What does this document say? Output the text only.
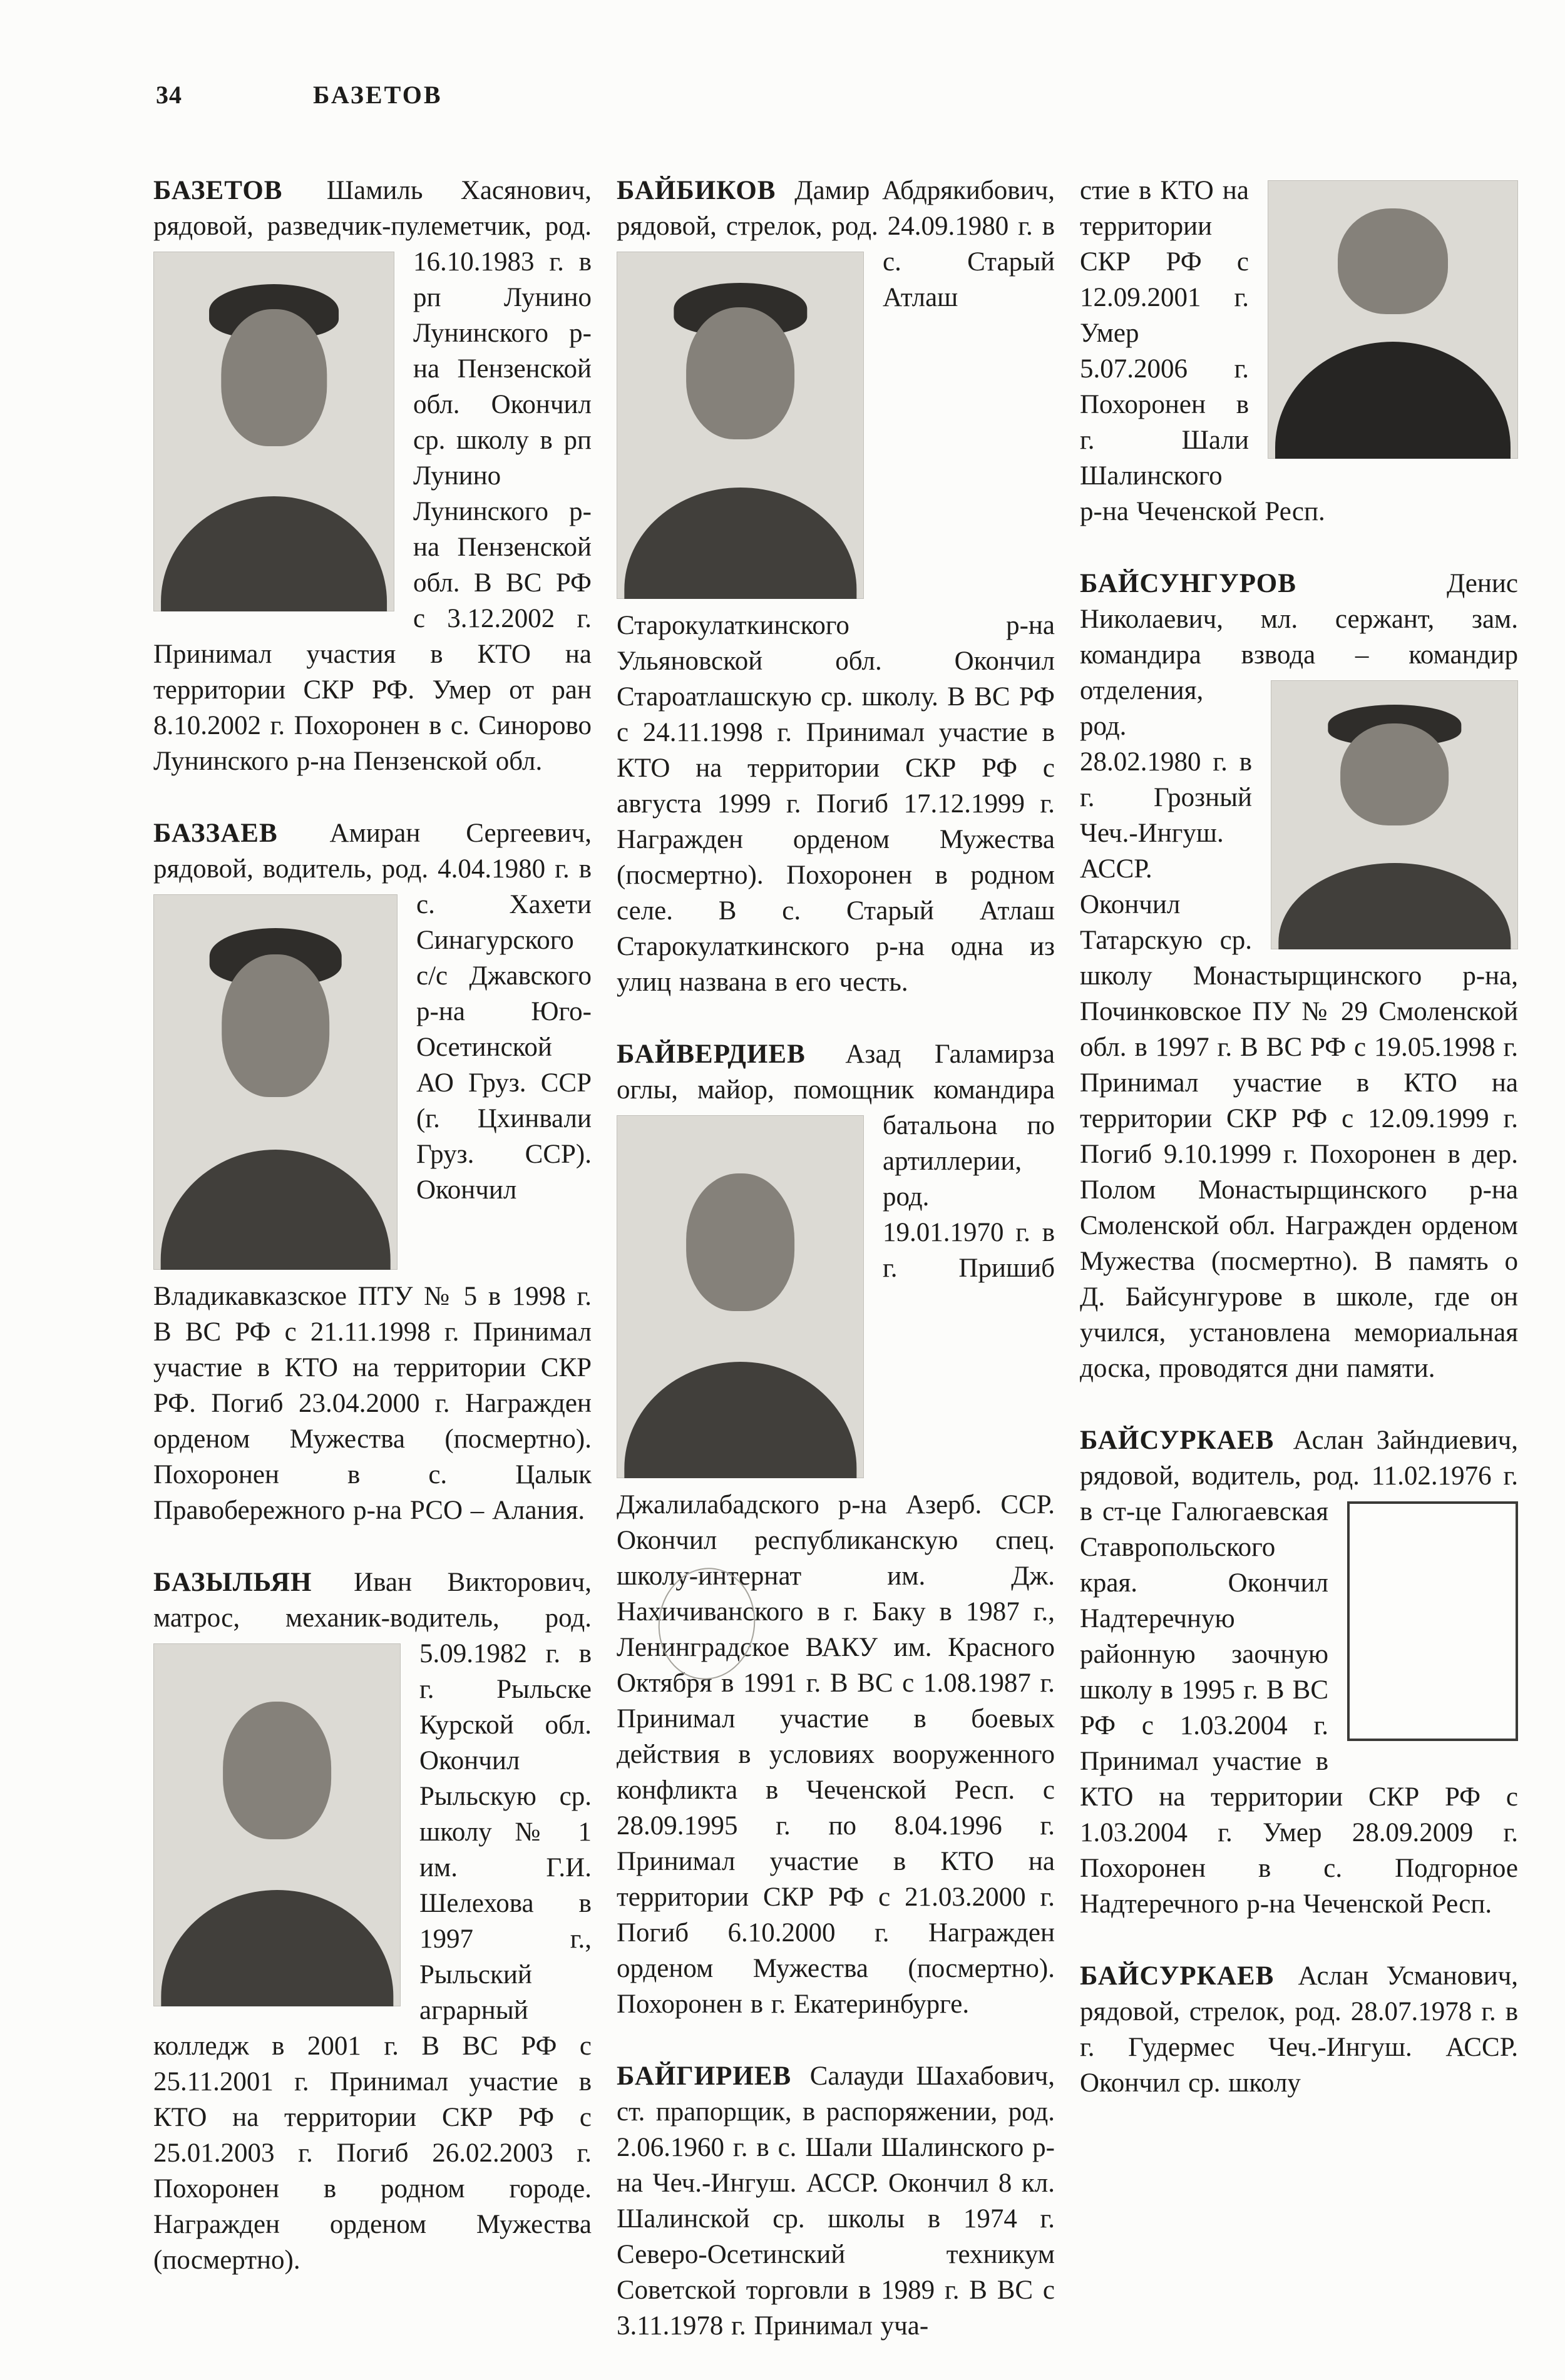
34	БАЗЕТОВ

БАЗЕТОВ Шамиль Хасянович, рядовой, разведчик-пулеметчик, род. 16.10.1983 г. в рп Лунино Лунинского р-на Пензенской обл. Окончил ср. школу в рп Лунино Лунинского р-на Пензенской обл. В ВС РФ с 3.12.2002 г. Принимал участия в КТО на территории СКР РФ. Умер от ран 8.10.2002 г. Похоронен в с. Синорово Лунинского р-на Пензенской обл.

БАЗЗАЕВ Амиран Сергеевич, рядовой, водитель, род. 4.04.1980 г. в
с. Хахети Синагурского с/с Джавского р-на Юго-Осетинской АО Груз. ССР (г. Цхинвали Груз. ССР). Окончил Владикавказское ПТУ № 5 в 1998 г. В ВС РФ с 21.11.1998 г. Принимал участие в КТО на территории СКР РФ. Погиб 23.04.2000 г. Награжден орденом Мужества (посмертно). Похоронен в с. Цалык Правобережного р-на РСО – Алания.

БАЗЫЛЬЯН Иван Викторович, матрос, механик-водитель, род. 5.09.1982 г. в г. Рыльске Курской обл. Окончил Рыльскую ср. школу № 1 им. Г.И. Шелехова в 1997 г., Рыльский аграрный колледж в 2001 г. В ВС РФ с 25.11.2001 г. Принимал участие в КТО на территории СКР РФ с 25.01.2003 г. Погиб 26.02.2003 г. Похоронен в родном городе. Награжден орденом Мужества (посмертно).

БАЙБИКОВ Дамир Абдрякибович, рядовой, стрелок, род. 24.09.1980 г. в с. Старый Атлаш Старокулаткинского р-на Ульяновской обл. Окончил Староатлашскую ср. школу. В ВС РФ с 24.11.1998 г. Принимал участие в КТО на территории СКР РФ с августа 1999 г. Погиб 17.12.1999 г. Награжден орденом Мужества (посмертно). Похоронен в родном селе. В с. Старый Атлаш Старокулаткинского р-на одна из улиц названа в его честь.

БАЙВЕРДИЕВ Азад Галамирза оглы, майор, помощник командира батальона по артиллерии, род. 19.01.1970 г. в г. Пришиб Джалилабадского р-на Азерб. ССР. Окончил республиканскую спец. школу-интернат им. Дж. Нахичиванского в г. Баку в 1987 г., Ленинградское ВАКУ им. Красного Октября в 1991 г. В ВС с 1.08.1987 г. Принимал участие в боевых действия в условиях вооруженного конфликта в Чеченской Респ. с 28.09.1995 г. по 8.04.1996 г. Принимал участие в КТО на территории СКР РФ с 21.03.2000 г. Погиб 6.10.2000 г. Награжден орденом Мужества (посмертно). Похоронен в г. Екатеринбурге.

БАЙГИРИЕВ Салауди Шахабович, ст. прапорщик, в распоряжении, род. 2.06.1960 г. в с. Шали Шалинского р-на Чеч.-Ингуш. АССР. Окончил 8 кл. Шалинской ср. школы в 1974 г. Северо-Осетинский техникум Советской торговли в 1989 г. В ВС с 3.11.1978 г. Принимал уча-

стие в КТО на территории СКР РФ с 12.09.2001 г. Умер 5.07.2006 г. Похоронен в г. Шали Шалинского р-на Чеченской Респ.

БАЙСУНГУРОВ	Денис Николаевич, мл. сержант, зам. командира взвода – командир отделения, род. 28.02.1980 г. в г. Грозный Чеч.-Ингуш. АССР. Окончил Татарскую ср. школу Монастырщинского р-на, Починковское ПУ № 29 Смоленской обл. в 1997 г. В ВС РФ с 19.05.1998 г. Принимал участие в КТО на территории СКР РФ с 12.09.1999 г. Погиб 9.10.1999 г. Похоронен в дер. Полом Монастырщинского р-на Смоленской обл. Награжден орденом Мужества (посмертно). В память о Д. Байсунгурове в школе, где он учился, установлена мемориальная доска, проводятся дни памяти.

БАЙСУРКАЕВ Аслан Зайндиевич, рядовой, водитель, род. 11.02.1976 г. в ст-це Галюгаевская Ставропольского края. Окончил Надтеречную районную заочную школу в 1995 г. В ВС РФ с 1.03.2004 г. Принимал участие в КТО на территории СКР РФ с 1.03.2004 г. Умер 28.09.2009 г. Похоронен в с. Подгорное Надтеречного р-на Чеченской Респ.

БАЙСУРКАЕВ Аслан Усманович, рядовой, стрелок, род. 28.07.1978 г. в г. Гудермес Чеч.-Ингуш. АССР. Окончил ср. школу
